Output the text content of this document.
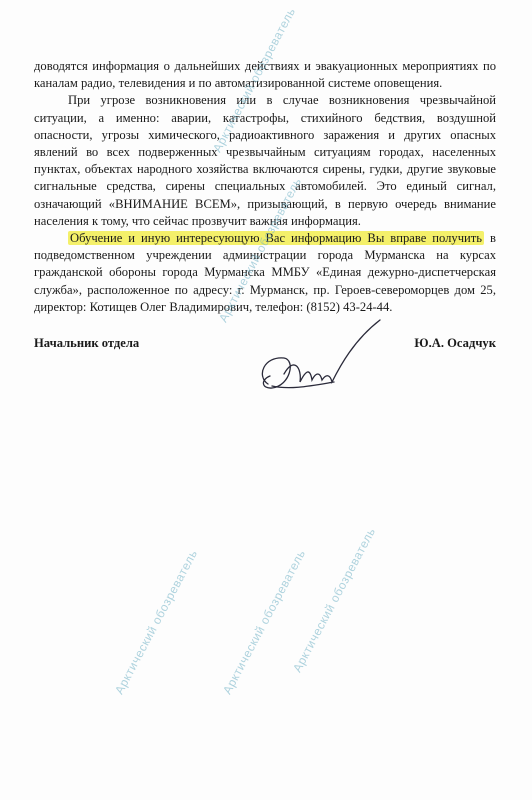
доводятся информация о дальнейших действиях и эвакуационных мероприятиях по каналам радио, телевидения и по автоматизированной системе оповещения.

При угрозе возникновения или в случае возникновения чрезвычайной ситуации, а именно: аварии, катастрофы, стихийного бедствия, воздушной опасности, угрозы химического, радиоактивного заражения и других опасных явлений во всех подверженных чрезвычайным ситуациям городах, населенных пунктах, объектах народного хозяйства включаются сирены, гудки, другие звуковые сигнальные средства, сирены специальных автомобилей. Это единый сигнал, означающий «ВНИМАНИЕ ВСЕМ», призывающий, в первую очередь внимание населения к тому, что сейчас прозвучит важная информация.

Обучение и иную интересующую Вас информацию Вы вправе получить в подведомственном учреждении администрации города Мурманска на курсах гражданской обороны города Мурманска ММБУ «Единая дежурно-диспетчерская служба», расположенное по адресу: г. Мурманск, пр. Героев-североморцев дом 25, директор: Котищев Олег Владимирович, телефон: (8152) 43-24-44.

Начальник отдела	Ю.А. Осадчук
Арктический обозреватель
Арктический обозреватель
Арктический обозреватель
Арктический обозреватель
Арктический обозреватель
